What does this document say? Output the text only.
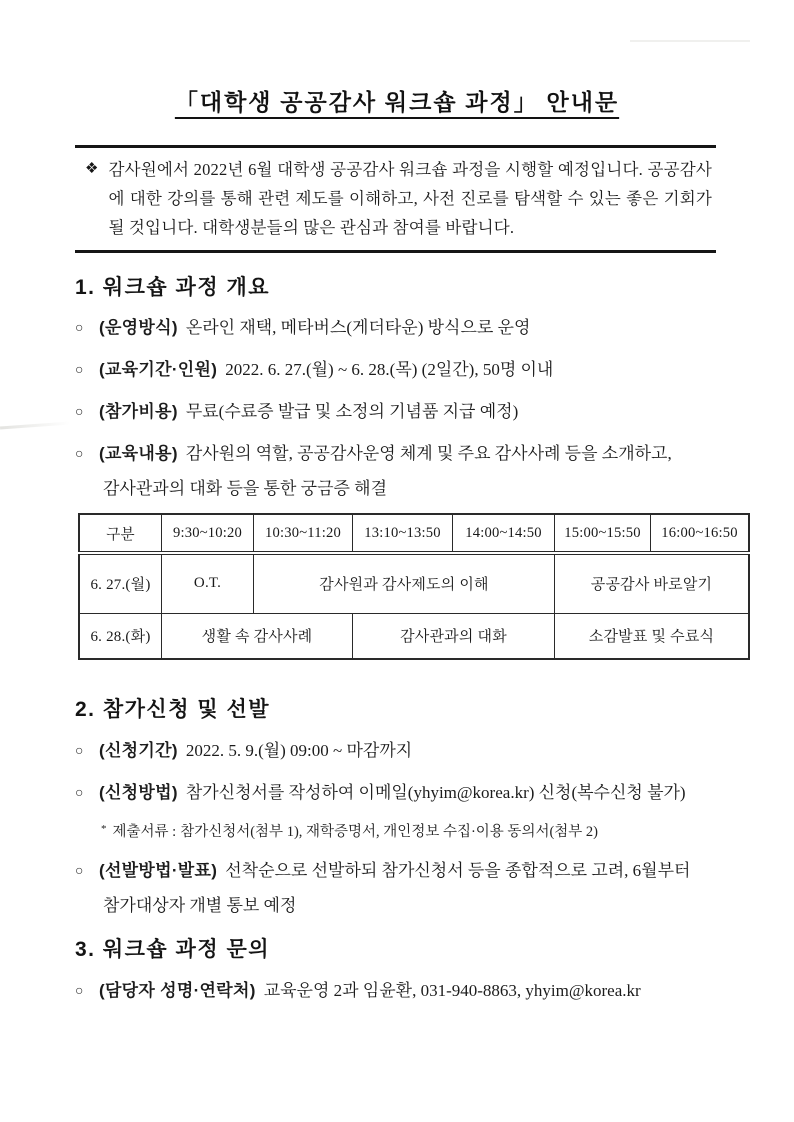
「대학생 공공감사 워크숍 과정」 안내문
❖ 감사원에서 2022년 6월 대학생 공공감사 워크숍 과정을 시행할 예정입니다. 공공감사에 대한 강의를 통해 관련 제도를 이해하고, 사전 진로를 탐색할 수 있는 좋은 기회가 될 것입니다. 대학생분들의 많은 관심과 참여를 바랍니다.
1. 워크숍 과정 개요
○ (운영방식) 온라인 재택, 메타버스(게더타운) 방식으로 운영
○ (교육기간·인원) 2022. 6. 27.(월) ~ 6. 28.(목) (2일간), 50명 이내
○ (참가비용) 무료(수료증 발급 및 소정의 기념품 지급 예정)
○ (교육내용) 감사원의 역할, 공공감사운영 체계 및 주요 감사사례 등을 소개하고,
감사관과의 대화 등을 통한 궁금증 해결
구분	9:30~10:20	10:30~11:20	13:10~13:50	14:00~14:50	15:00~15:50	16:00~16:50
6. 27.(월)	O.T.	감사원과 감사제도의 이해			공공감사 바로알기	
6. 28.(화)	생활 속 감사사례		감사관과의 대화		소감발표 및 수료식	
2. 참가신청 및 선발
○ (신청기간) 2022. 5. 9.(월) 09:00 ~ 마감까지
○ (신청방법) 참가신청서를 작성하여 이메일(yhyim@korea.kr) 신청(복수신청 불가)
* 제출서류 : 참가신청서(첨부 1), 재학증명서, 개인정보 수집·이용 동의서(첨부 2)
○ (선발방법·발표) 선착순으로 선발하되 참가신청서 등을 종합적으로 고려, 6월부터
참가대상자 개별 통보 예정
3. 워크숍 과정 문의
○ (담당자 성명·연락처) 교육운영 2과 임윤환, 031-940-8863, yhyim@korea.kr
